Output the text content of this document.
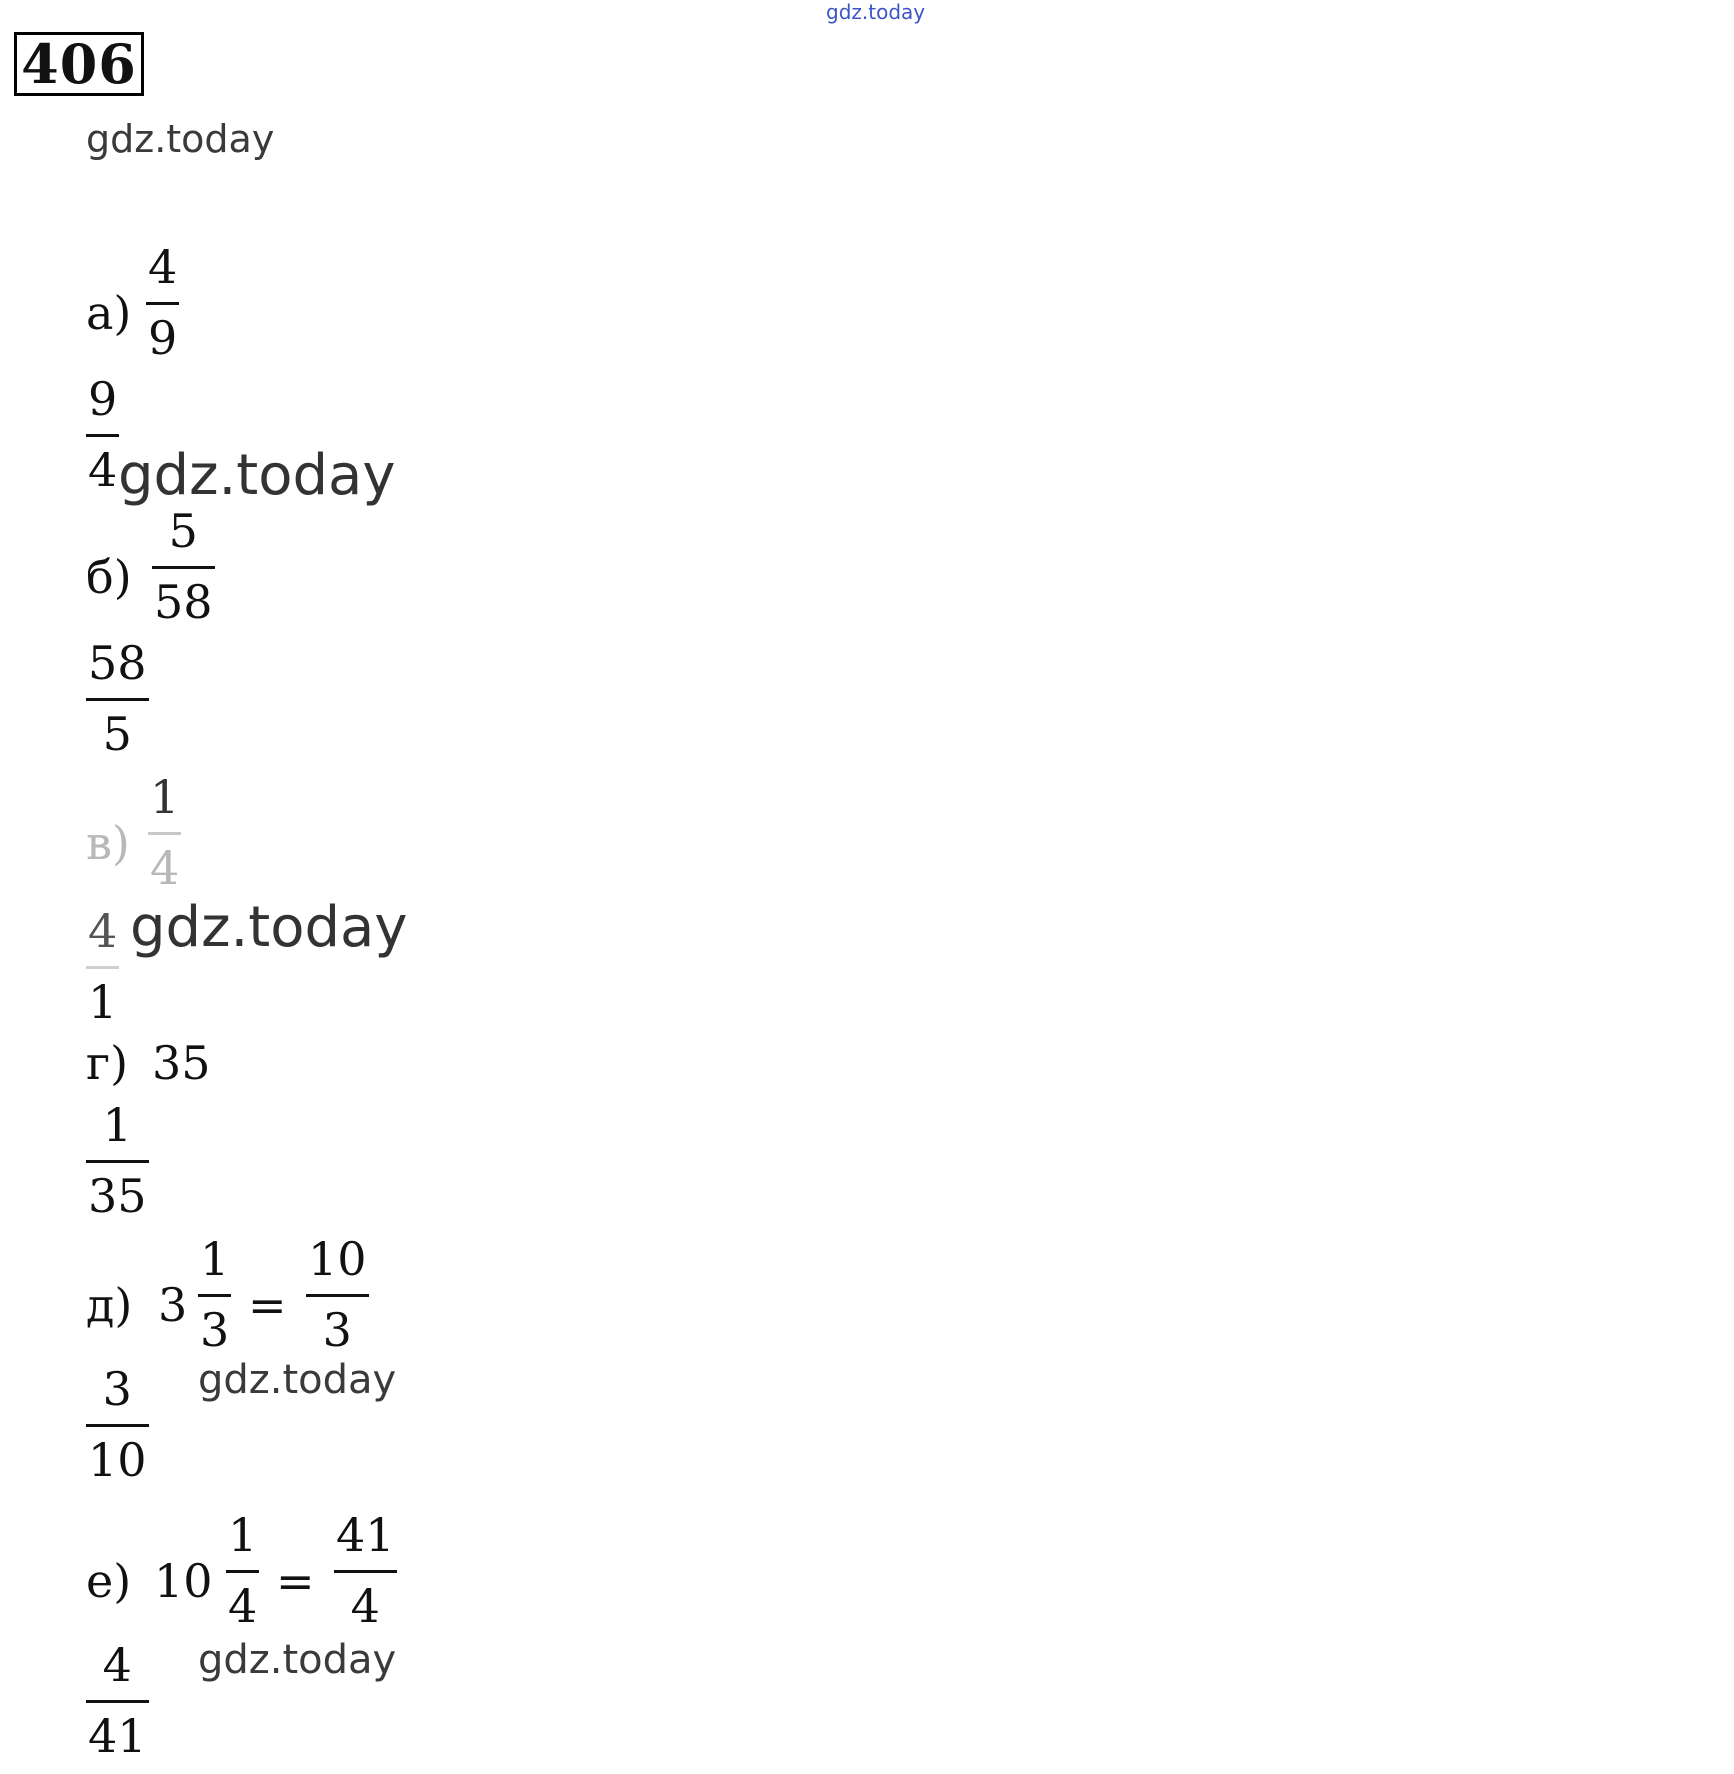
gdz.today
406
gdz.today
а)
4
9
9
4 gdz.today
б)
5
58
58
5
в)
1
4
4
1
gdz.today
г) 35
1
35
д) 3
1
3 =
10
3
3
10
gdz.today
е) 10
1
4 =
41
4
4
41
gdz.today
